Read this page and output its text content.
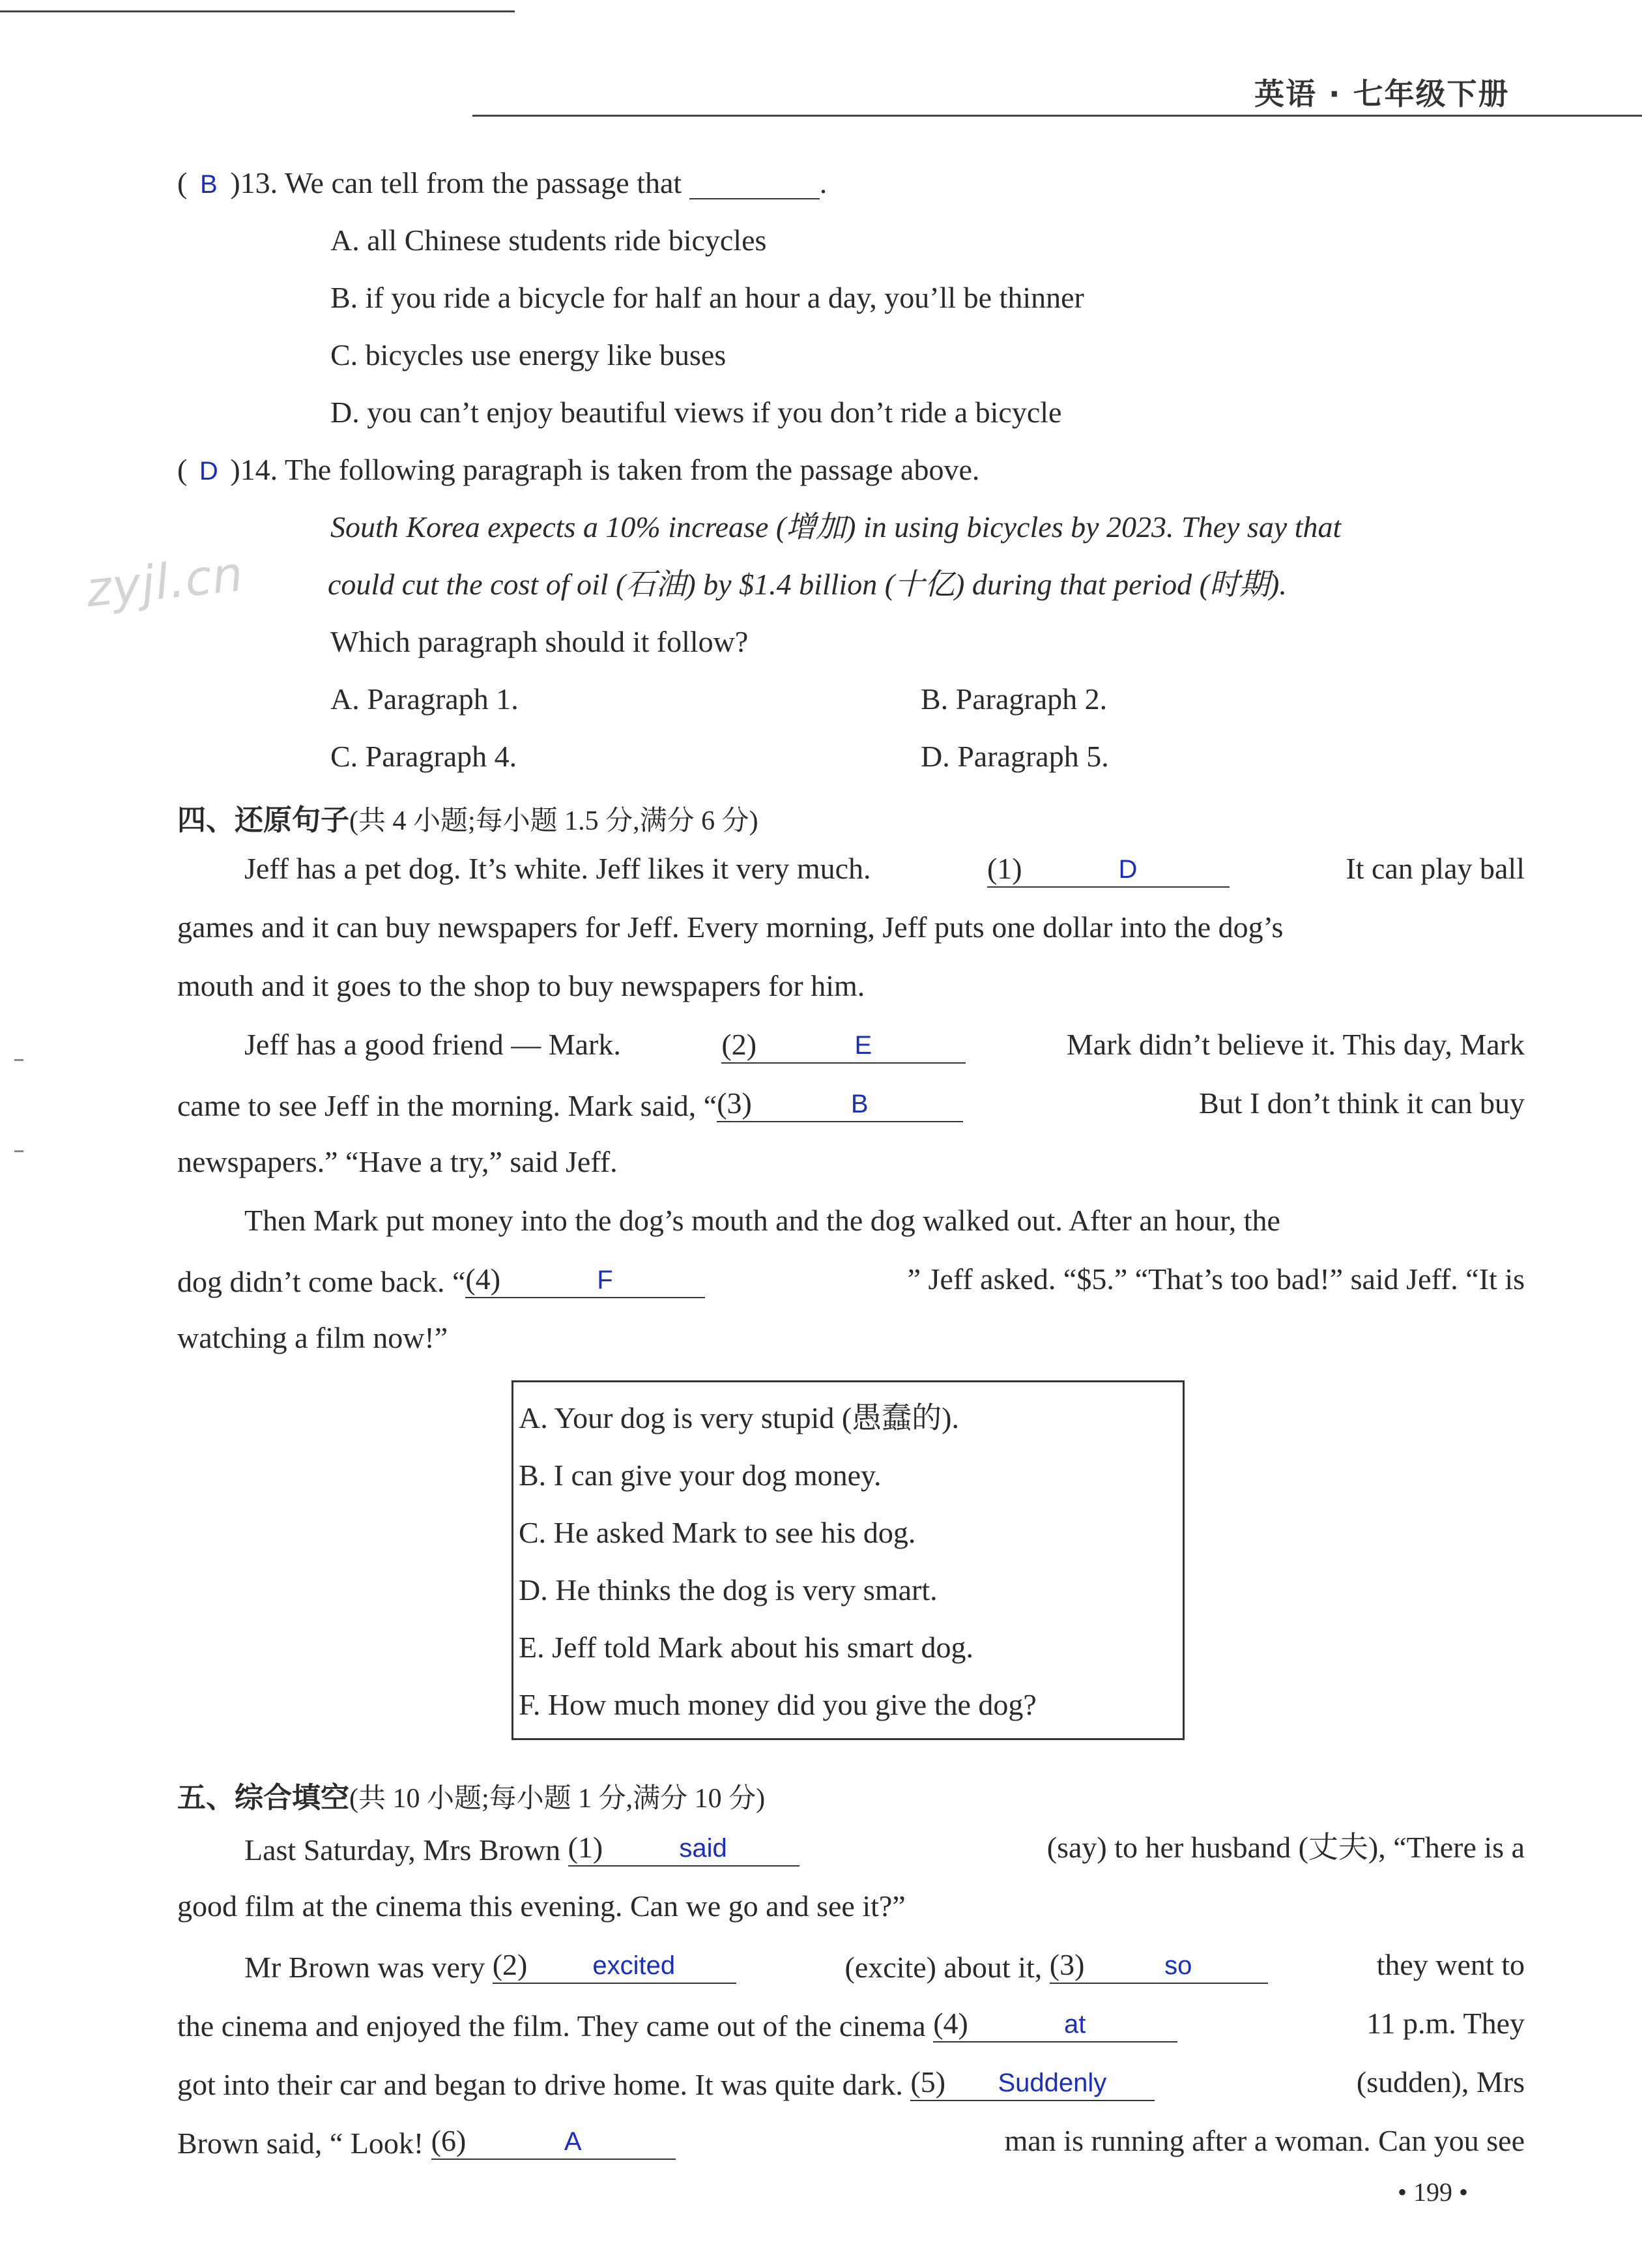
英语 · 七年级下册
zyjl.cn
( B )13. We can tell from the passage that	.
A. all Chinese students ride bicycles
B. if you ride a bicycle for half an hour a day, you’ll be thinner
C. bicycles use energy like buses
D. you can’t enjoy beautiful views if you don’t ride a bicycle
( D )14. The following paragraph is taken from the passage above.
South Korea expects a 10% increase (增加) in using bicycles by 2023. They say that
could cut the cost of oil (石油) by $1.4 billion (十亿) during that period (时期).
Which paragraph should it follow?
A. Paragraph 1.	B. Paragraph 2.
C. Paragraph 4.	D. Paragraph 5.
四、还原句子(共 4 小题;每小题 1.5 分,满分 6 分)
Jeff has a pet dog. It’s white. Jeff likes it very much.	(1)	D	It can play ball
games and it can buy newspapers for Jeff. Every morning, Jeff puts one dollar into the dog’s
mouth and it goes to the shop to buy newspapers for him.
Jeff has a good friend — Mark.	(2)	E	Mark didn’t believe it. This day, Mark
came to see Jeff in the morning. Mark said, “ (3)	B	But I don’t think it can buy
newspapers.” “Have a try,” said Jeff.
Then Mark put money into the dog’s mouth and the dog walked out. After an hour, the
dog didn’t come back. “ (4)	F	” Jeff asked. “$5.” “That’s too bad!” said Jeff. “It is
watching a film now!”
A. Your dog is very stupid (愚蠢的).
B. I can give your dog money.
C. He asked Mark to see his dog.
D. He thinks the dog is very smart.
E. Jeff told Mark about his smart dog.
F. How much money did you give the dog?
五、综合填空(共 10 小题;每小题 1 分,满分 10 分)
Last Saturday, Mrs Brown (1)	said	(say) to her husband (丈夫), “There is a
good film at the cinema this evening. Can we go and see it?”
Mr Brown was very (2)	excited	(excite) about it, (3)	so	they went to
the cinema and enjoyed the film. They came out of the cinema (4)	at	11 p.m. They
got into their car and began to drive home. It was quite dark. (5)	Suddenly	(sudden), Mrs
Brown said, “ Look! (6)	A	man is running after a woman. Can you see
• 199 •
